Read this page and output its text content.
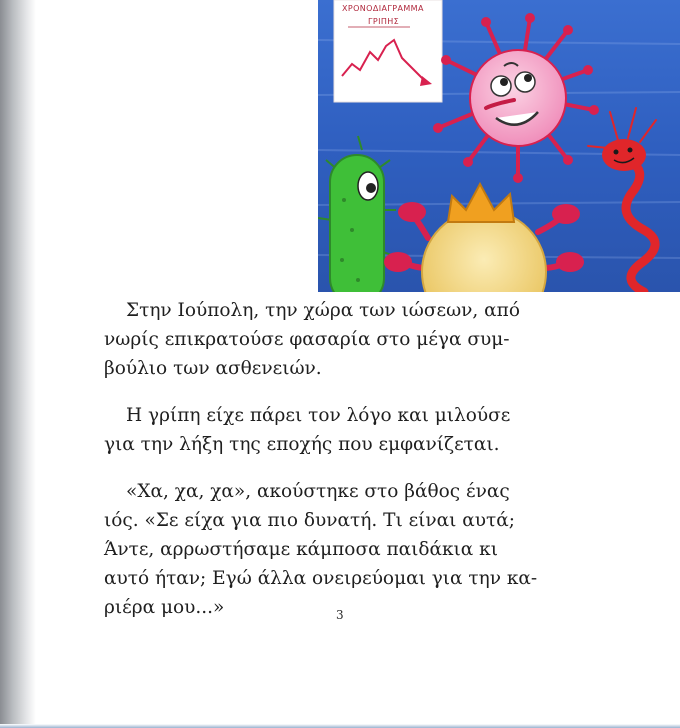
ΧΡΟΝΟΔΙΑΓΡΑΜΜΑ
ΓΡΙΠΗΣ

Στην Ιούπολη, την χώρα των ιώσεων, από
νωρίς επικρατούσε φασαρία στο μέγα συμ-
βούλιο των ασθενειών.

Η γρίπη είχε πάρει τον λόγο και μιλούσε
για την λήξη της εποχής που εμφανίζεται.

«Χα, χα, χα», ακούστηκε στο βάθος ένας
ιός. «Σε είχα για πιο δυνατή. Τι είναι αυτά;
Άντε, αρρωστήσαμε κάμποσα παιδάκια κι
αυτό ήταν; Εγώ άλλα ονειρεύομαι για την κα-
ριέρα μου...»	3
